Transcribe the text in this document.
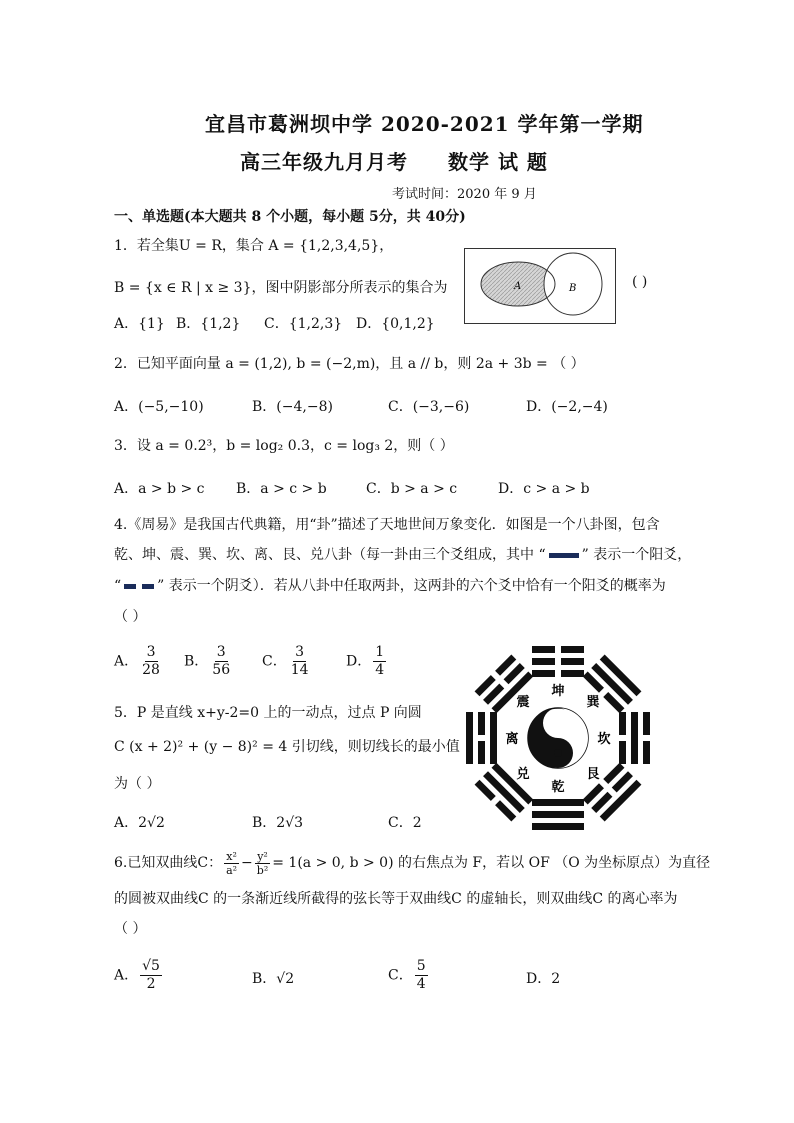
宜昌市葛洲坝中学 2020-2021 学年第一学期
高三年级九月月考 数学 试 题
考试时间：2020 年 9 月
一、单选题(本大题共 8 个小题，每小题 5分，共 40分)
1．若全集U = R，集合 A = {1,2,3,4,5}，
B = {x ∈ R | x ≥ 3}，图中阴影部分所表示的集合为	( )
A	B
A．{1} B．{1,2} C．{1,2,3} D．{0,1,2}
2．已知平面向量 a = (1,2), b = (−2,m)，且 a // b，则 2a + 3b = （ ）
A．(−5,−10)	B．(−4,−8)	C．(−3,−6)	D．(−2,−4)
3．设 a = 0.2³，b = log₂ 0.3，c = log₃ 2，则（ ）
A．a > b > c B．a > c > b	C．b > a > c	D．c > a > b
4.《周易》是我国古代典籍，用“卦”描述了天地世间万象变化．如图是一个八卦图，包含
乾、坤、震、巽、坎、离、艮、兑八卦（每一卦由三个爻组成，其中 “	” 表示一个阳爻，
“	” 表示一个阴爻）．若从八卦中任取两卦，这两卦的六个爻中恰有一个阳爻的概率为
（ ）
A． $\frac{3}{28}$ B． $\frac{3}{56}$ C． $\frac{3}{14}$	D． $\frac{1}{4}$
坤
巽
坎
艮
乾
兑
离
震
5．P 是直线 x+y-2=0 上的一动点，过点 P 向圆
C (x + 2)² + (y − 8)² = 4 引切线，则切线长的最小值
为（ ）
A．2√2	B．2√3	C．2
6.已知双曲线C： $\frac{\text{x²}}{\text{a²}} - \frac{\text{y²}}{\text{b²}} = 1(a > 0$, b > 0) 的右焦点为 F，若以 OF （O 为坐标原点）为直径
的圆被双曲线C 的一条渐近线所截得的弦长等于双曲线C 的虚轴长，则双曲线C 的离心率为
（ ）
A． $\frac{√5}{2}$	B．√2	C． $\frac{5}{4}$	D．2
